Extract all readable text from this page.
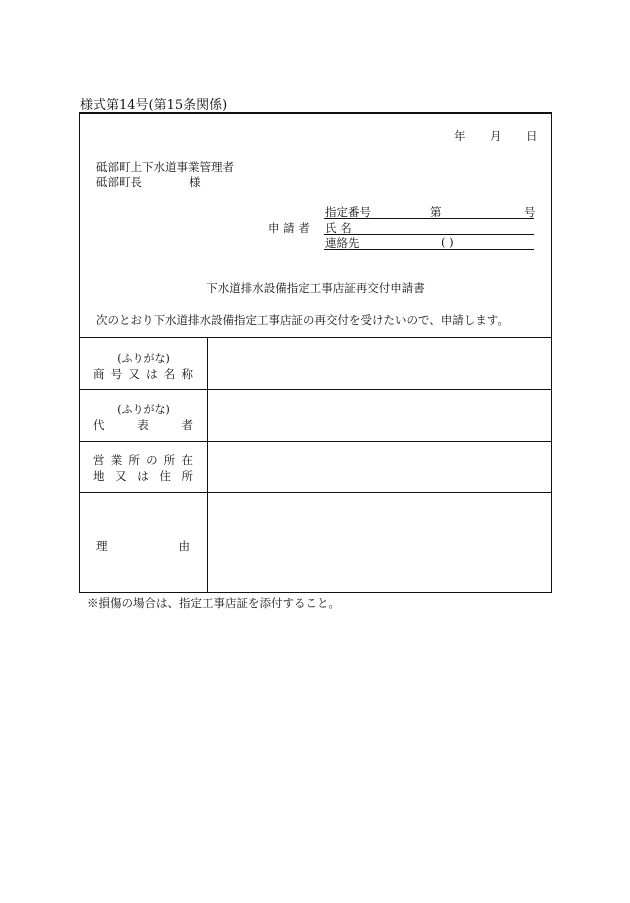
様式第14号(第15条関係)
年 月 日
砥部町上下水道事業管理者
砥部町長	様
申 請 者
指定番号	第	号
氏 名
連絡先	( )
下水道排水設備指定工事店証再交付申請書
次のとおり下水道排水設備指定工事店証の再交付を受けたいので、申請します。
(ふりがな)
商 号 又 は 名 称
(ふりがな)
代	表	者
営 業 所 の 所 在
地 又 は 住 所
理	由
※損傷の場合は、指定工事店証を添付すること。
